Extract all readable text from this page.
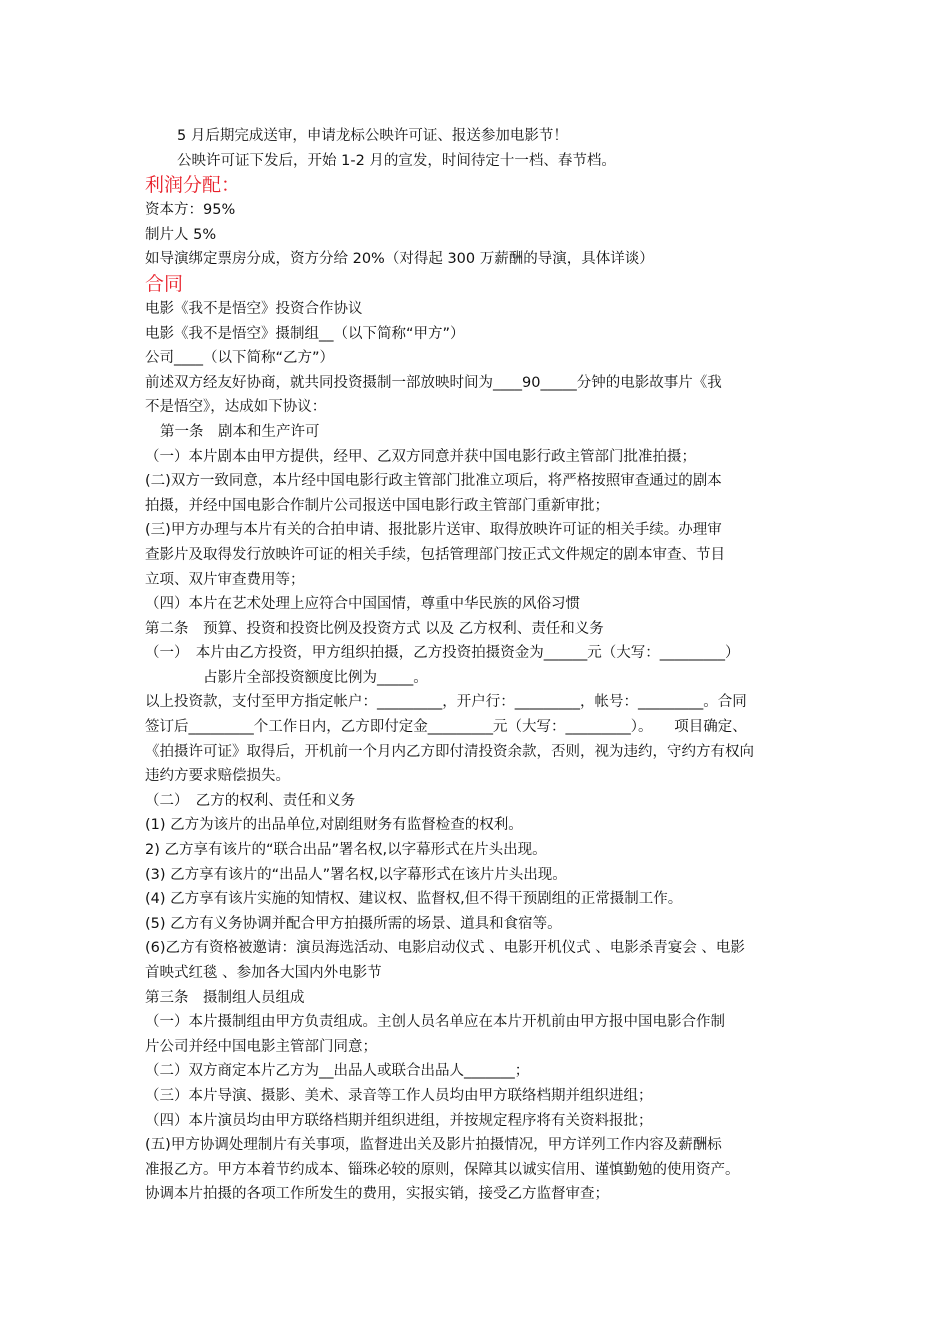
5 月后期完成送审，申请龙标公映许可证、报送参加电影节！
公映许可证下发后，开始 1-2 月的宣发，时间待定十一档、春节档。
利润分配：
资本方：95%
制片人 5%
如导演绑定票房分成，资方分给 20%（对得起 300 万薪酬的导演，具体详谈）
合同
电影《我不是悟空》投资合作协议
电影《我不是悟空》摄制组__（以下简称“甲方”）
公司____（以下简称“乙方”）
前述双方经友好协商，就共同投资摄制一部放映时间为____90_____分钟的电影故事片《我
不是悟空》，达成如下协议：
第一条　剧本和生产许可
（一）本片剧本由甲方提供，经甲、乙双方同意并获中国电影行政主管部门批准拍摄；
(二)双方一致同意，本片经中国电影行政主管部门批准立项后，将严格按照审查通过的剧本
拍摄，并经中国电影合作制片公司报送中国电影行政主管部门重新审批；
(三)甲方办理与本片有关的合拍申请、报批影片送审、取得放映许可证的相关手续。办理审
查影片及取得发行放映许可证的相关手续，包括管理部门按正式文件规定的剧本审查、节目
立项、双片审查费用等；
（四）本片在艺术处理上应符合中国国情，尊重中华民族的风俗习惯
第二条　预算、投资和投资比例及投资方式 以及 乙方权利、责任和义务
（一）　本片由乙方投资，甲方组织拍摄，乙方投资拍摄资金为______元（大写：_________）
占影片全部投资额度比例为_____。
以上投资款，支付至甲方指定帐户：_________，开户行：_________，帐号：_________。合同
签订后_________个工作日内，乙方即付定金_________元（大写：_________）。　　项目确定、
《拍摄许可证》取得后，开机前一个月内乙方即付清投资余款，否则，视为违约，守约方有权向
违约方要求赔偿损失。
（二）　乙方的权利、责任和义务
(1) 乙方为该片的出品单位,对剧组财务有监督检查的权利。
2) 乙方享有该片的“联合出品”署名权,以字幕形式在片头出现。
(3) 乙方享有该片的“出品人”署名权,以字幕形式在该片片头出现。
(4) 乙方享有该片实施的知情权、建议权、监督权,但不得干预剧组的正常摄制工作。
(5) 乙方有义务协调并配合甲方拍摄所需的场景、道具和食宿等。
(6)乙方有资格被邀请：演员海选活动、电影启动仪式 、电影开机仪式 、电影杀青宴会 、电影
首映式红毯 、参加各大国内外电影节
第三条　摄制组人员组成
（一）本片摄制组由甲方负责组成。主创人员名单应在本片开机前由甲方报中国电影合作制
片公司并经中国电影主管部门同意；
（二）双方商定本片乙方为__出品人或联合出品人_______；
（三）本片导演、摄影、美术、录音等工作人员均由甲方联络档期并组织进组；
（四）本片演员均由甲方联络档期并组织进组，并按规定程序将有关资料报批；
(五)甲方协调处理制片有关事项，监督进出关及影片拍摄情况，甲方详列工作内容及薪酬标
准报乙方。甲方本着节约成本、锱珠必较的原则，保障其以诚实信用、谨慎勤勉的使用资产。
协调本片拍摄的各项工作所发生的费用，实报实销，接受乙方监督审查；
